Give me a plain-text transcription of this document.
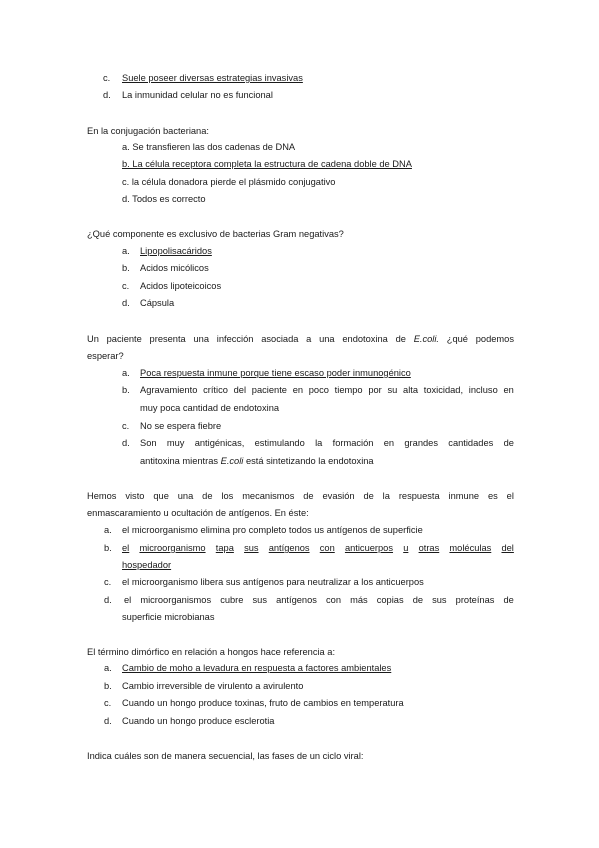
c. Suele poseer diversas estrategias invasivas
d. La inmunidad celular no es funcional
En la conjugación bacteriana:
a. Se transfieren las dos cadenas de DNA
b. La célula receptora completa la estructura de cadena doble de DNA
c. la célula donadora pierde el plásmido conjugativo
d. Todos es correcto
¿Qué componente es exclusivo de bacterias Gram negativas?
a. Lipopolisacáridos
b. Acidos micólicos
c. Acidos lipoteicoicos
d. Cápsula
Un paciente presenta una infección asociada a una endotoxina de E.coli. ¿qué podemos
esperar?
a. Poca respuesta inmune porque tiene escaso poder inmunogénico
b. Agravamiento crítico del paciente en poco tiempo por su alta toxicidad, incluso en
muy poca cantidad de endotoxina
c. No se espera fiebre
d. Son muy antigénicas, estimulando la formación en grandes cantidades de
antitoxina mientras E.coli está sintetizando la endotoxina
Hemos visto que una de los mecanismos de evasión de la respuesta inmune es el
enmascaramiento u ocultación de antígenos. En éste:
a. el microorganismo elimina pro completo todos us antígenos de superficie
b. el microorganismo tapa sus antígenos con anticuerpos u otras moléculas del
hospedador
c. el microorganismo libera sus antígenos para neutralizar a los anticuerpos
d. el microorganismos cubre sus antígenos con más copias de sus proteínas de
superficie microbianas
El término dimórfico en relación a hongos hace referencia a:
a. Cambio de moho a levadura en respuesta a factores ambientales
b. Cambio irreversible de virulento a avirulento
c. Cuando un hongo produce toxinas, fruto de cambios en temperatura
d. Cuando un hongo produce esclerotia
Indica cuáles son de manera secuencial, las fases de un ciclo viral:
